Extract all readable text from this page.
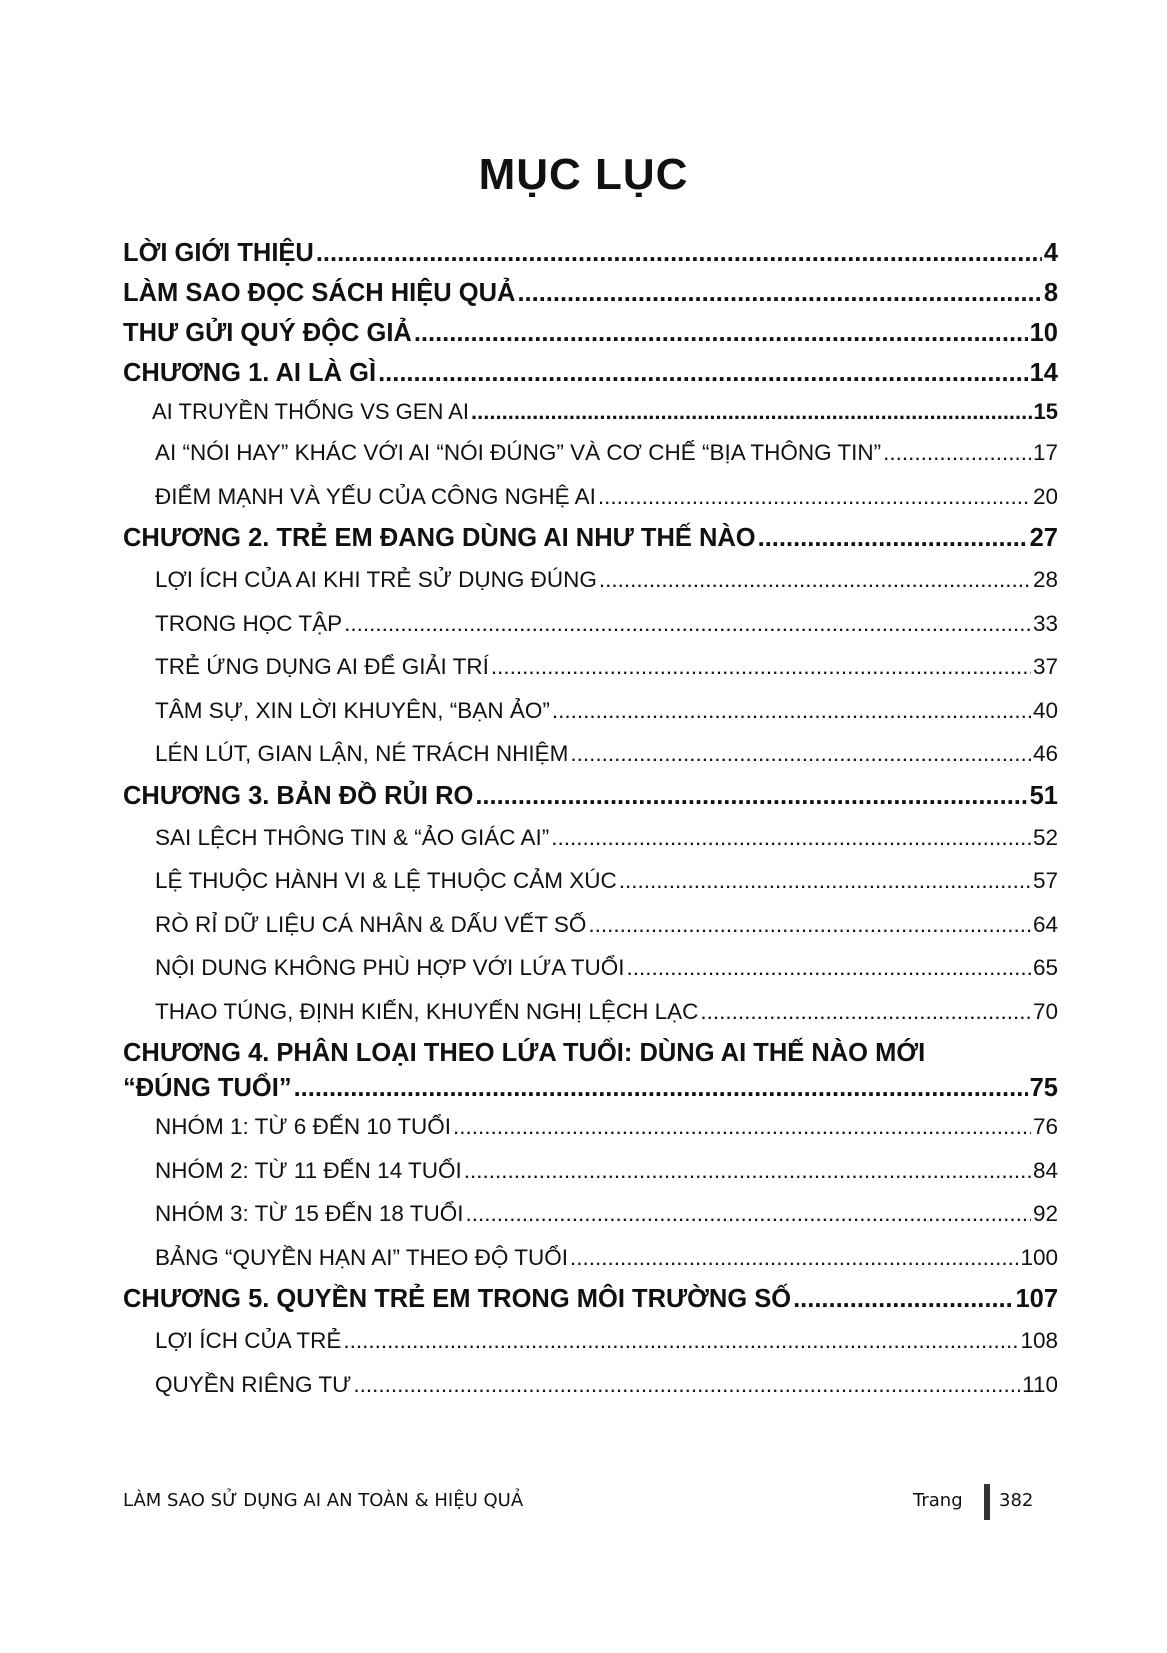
MỤC LỤC
LỜI GIỚI THIỆU .....	4
LÀM SAO ĐỌC SÁCH HIỆU QUẢ .....	8
THƯ GỬI QUÝ ĐỘC GIẢ .....	10
CHƯƠNG 1. AI LÀ GÌ .....	14
AI TRUYỀN THỐNG VS GEN AI .....	15
AI “NÓI HAY” KHÁC VỚI AI “NÓI ĐÚNG” VÀ CƠ CHẾ “BỊA THÔNG TIN” .....	17
ĐIỂM MẠNH VÀ YẾU CỦA CÔNG NGHỆ AI .....	20
CHƯƠNG 2. TRẺ EM ĐANG DÙNG AI NHƯ THẾ NÀO .....	27
LỢI ÍCH CỦA AI KHI TRẺ SỬ DỤNG ĐÚNG .....	28
TRONG HỌC TẬP .....	33
TRẺ ỨNG DỤNG AI ĐỂ GIẢI TRÍ .....	37
TÂM SỰ, XIN LỜI KHUYÊN, “BẠN ẢO” .....	40
LÉN LÚT, GIAN LẬN, NÉ TRÁCH NHIỆM .....	46
CHƯƠNG 3. BẢN ĐỒ RỦI RO .....	51
SAI LỆCH THÔNG TIN & “ẢO GIÁC AI” .....	52
LỆ THUỘC HÀNH VI & LỆ THUỘC CẢM XÚC .....	57
RÒ RỈ DỮ LIỆU CÁ NHÂN & DẤU VẾT SỐ .....	64
NỘI DUNG KHÔNG PHÙ HỢP VỚI LỨA TUỔI .....	65
THAO TÚNG, ĐỊNH KIẾN, KHUYẾN NGHỊ LỆCH LẠC .....	70
CHƯƠNG 4. PHÂN LOẠI THEO LỨA TUỔI: DÙNG AI THẾ NÀO MỚI
“ĐÚNG TUỔI” .....	75
NHÓM 1: TỪ 6 ĐẾN 10 TUỔI .....	76
NHÓM 2: TỪ 11 ĐẾN 14 TUỔI .....	84
NHÓM 3: TỪ 15 ĐẾN 18 TUỔI .....	92
BẢNG “QUYỀN HẠN AI” THEO ĐỘ TUỔI .....	100
CHƯƠNG 5. QUYỀN TRẺ EM TRONG MÔI TRƯỜNG SỐ .....	107
LỢI ÍCH CỦA TRẺ .....	108
QUYỀN RIÊNG TƯ .....	110
LÀM SAO SỬ DỤNG AI AN TOÀN & HIỆU QUẢ	Trang 382
